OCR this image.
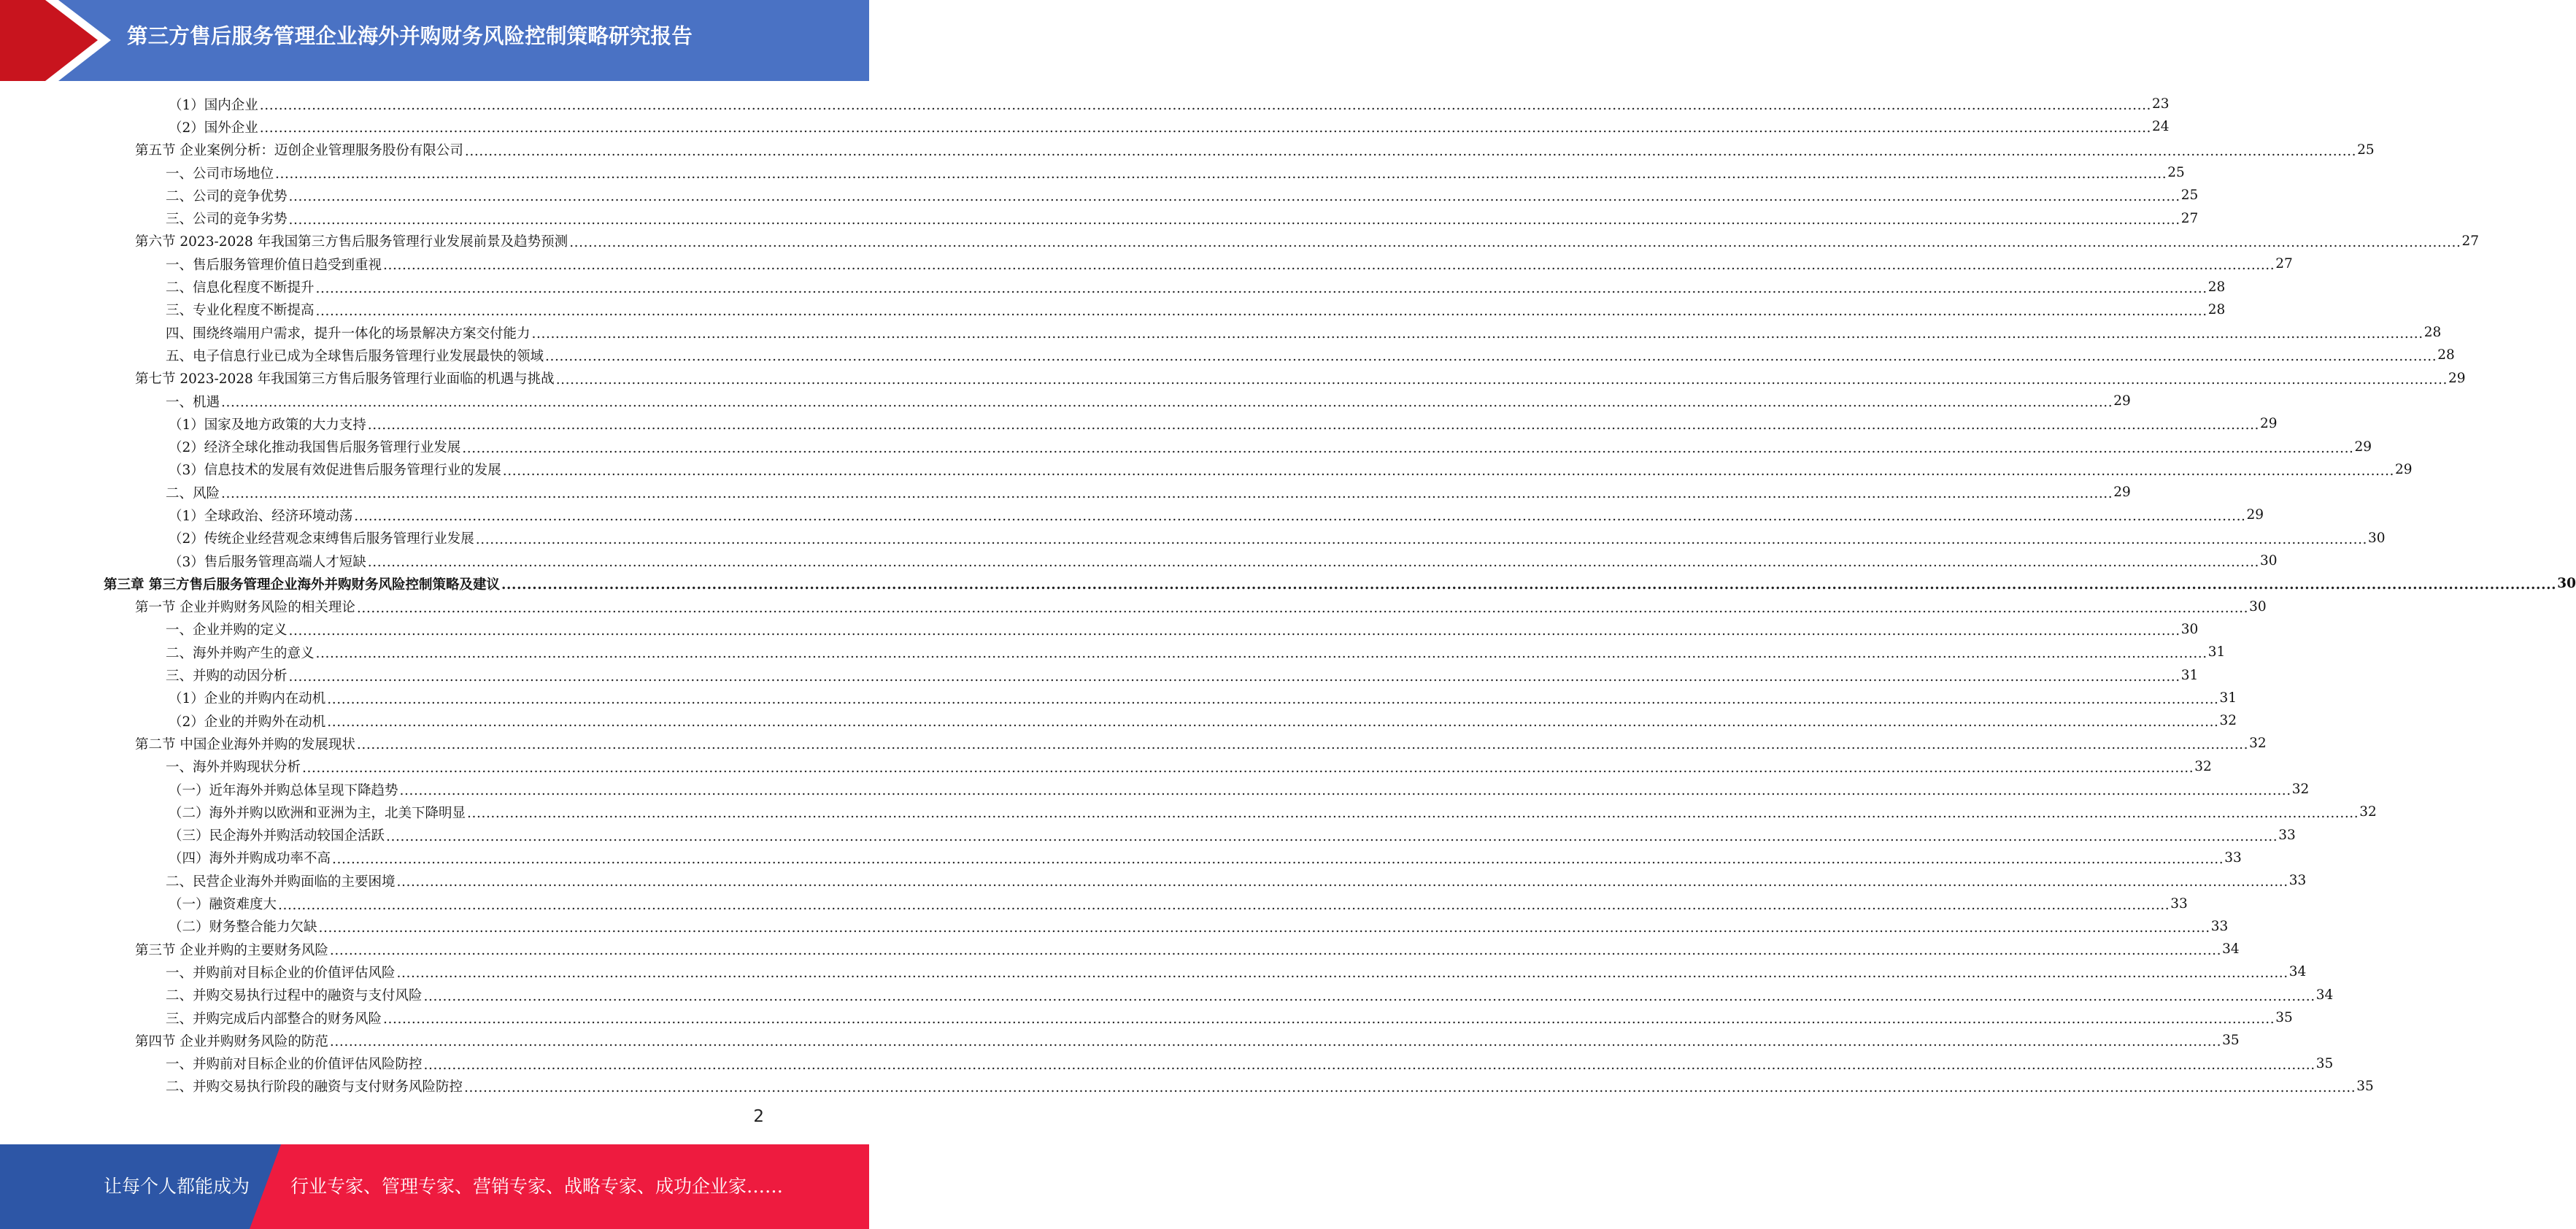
第三方售后服务管理企业海外并购财务风险控制策略研究报告
（1）国内企业 ................................................................................................................................................................................................................................................................................................................................................................................................................ 23
（2）国外企业 ................................................................................................................................................................................................................................................................................................................................................................................................................ 24
第五节 企业案例分析：迈创企业管理服务股份有限公司 ................................................................................................................................................................................................................................................................................................................................................................................................................ 25
一、公司市场地位 ................................................................................................................................................................................................................................................................................................................................................................................................................ 25
二、公司的竞争优势 ................................................................................................................................................................................................................................................................................................................................................................................................................ 25
三、公司的竞争劣势 ................................................................................................................................................................................................................................................................................................................................................................................................................ 27
第六节 2023-2028 年我国第三方售后服务管理行业发展前景及趋势预测 ................................................................................................................................................................................................................................................................................................................................................................................................................ 27
一、售后服务管理价值日趋受到重视 ................................................................................................................................................................................................................................................................................................................................................................................................................ 27
二、信息化程度不断提升 ................................................................................................................................................................................................................................................................................................................................................................................................................ 28
三、专业化程度不断提高 ................................................................................................................................................................................................................................................................................................................................................................................................................ 28
四、围绕终端用户需求，提升一体化的场景解决方案交付能力 ................................................................................................................................................................................................................................................................................................................................................................................................................ 28
五、电子信息行业已成为全球售后服务管理行业发展最快的领域 ................................................................................................................................................................................................................................................................................................................................................................................................................ 28
第七节 2023-2028 年我国第三方售后服务管理行业面临的机遇与挑战 ................................................................................................................................................................................................................................................................................................................................................................................................................ 29
一、机遇 ................................................................................................................................................................................................................................................................................................................................................................................................................ 29
（1）国家及地方政策的大力支持 ................................................................................................................................................................................................................................................................................................................................................................................................................ 29
（2）经济全球化推动我国售后服务管理行业发展 ................................................................................................................................................................................................................................................................................................................................................................................................................ 29
（3）信息技术的发展有效促进售后服务管理行业的发展 ................................................................................................................................................................................................................................................................................................................................................................................................................ 29
二、风险 ................................................................................................................................................................................................................................................................................................................................................................................................................ 29
（1）全球政治、经济环境动荡 ................................................................................................................................................................................................................................................................................................................................................................................................................ 29
（2）传统企业经营观念束缚售后服务管理行业发展 ................................................................................................................................................................................................................................................................................................................................................................................................................ 30
（3）售后服务管理高端人才短缺 ................................................................................................................................................................................................................................................................................................................................................................................................................ 30
第三章 第三方售后服务管理企业海外并购财务风险控制策略及建议 ................................................................................................................................................................................................................................................................................................................................................................................................................ 30
第一节 企业并购财务风险的相关理论 ................................................................................................................................................................................................................................................................................................................................................................................................................ 30
一、企业并购的定义 ................................................................................................................................................................................................................................................................................................................................................................................................................ 30
二、海外并购产生的意义 ................................................................................................................................................................................................................................................................................................................................................................................................................ 31
三、并购的动因分析 ................................................................................................................................................................................................................................................................................................................................................................................................................ 31
（1）企业的并购内在动机 ................................................................................................................................................................................................................................................................................................................................................................................................................ 31
（2）企业的并购外在动机 ................................................................................................................................................................................................................................................................................................................................................................................................................ 32
第二节 中国企业海外并购的发展现状 ................................................................................................................................................................................................................................................................................................................................................................................................................ 32
一、海外并购现状分析 ................................................................................................................................................................................................................................................................................................................................................................................................................ 32
（一）近年海外并购总体呈现下降趋势 ................................................................................................................................................................................................................................................................................................................................................................................................................ 32
（二）海外并购以欧洲和亚洲为主，北美下降明显 ................................................................................................................................................................................................................................................................................................................................................................................................................ 32
（三）民企海外并购活动较国企活跃 ................................................................................................................................................................................................................................................................................................................................................................................................................ 33
（四）海外并购成功率不高 ................................................................................................................................................................................................................................................................................................................................................................................................................ 33
二、民营企业海外并购面临的主要困境 ................................................................................................................................................................................................................................................................................................................................................................................................................ 33
（一）融资难度大 ................................................................................................................................................................................................................................................................................................................................................................................................................ 33
（二）财务整合能力欠缺 ................................................................................................................................................................................................................................................................................................................................................................................................................ 33
第三节 企业并购的主要财务风险 ................................................................................................................................................................................................................................................................................................................................................................................................................ 34
一、并购前对目标企业的价值评估风险 ................................................................................................................................................................................................................................................................................................................................................................................................................ 34
二、并购交易执行过程中的融资与支付风险 ................................................................................................................................................................................................................................................................................................................................................................................................................ 34
三、并购完成后内部整合的财务风险 ................................................................................................................................................................................................................................................................................................................................................................................................................ 35
第四节 企业并购财务风险的防范 ................................................................................................................................................................................................................................................................................................................................................................................................................ 35
一、并购前对目标企业的价值评估风险防控 ................................................................................................................................................................................................................................................................................................................................................................................................................ 35
二、并购交易执行阶段的融资与支付财务风险防控 ................................................................................................................................................................................................................................................................................................................................................................................................................ 35
2
让每个人都能成为 行业专家、管理专家、营销专家、战略专家、成功企业家……
